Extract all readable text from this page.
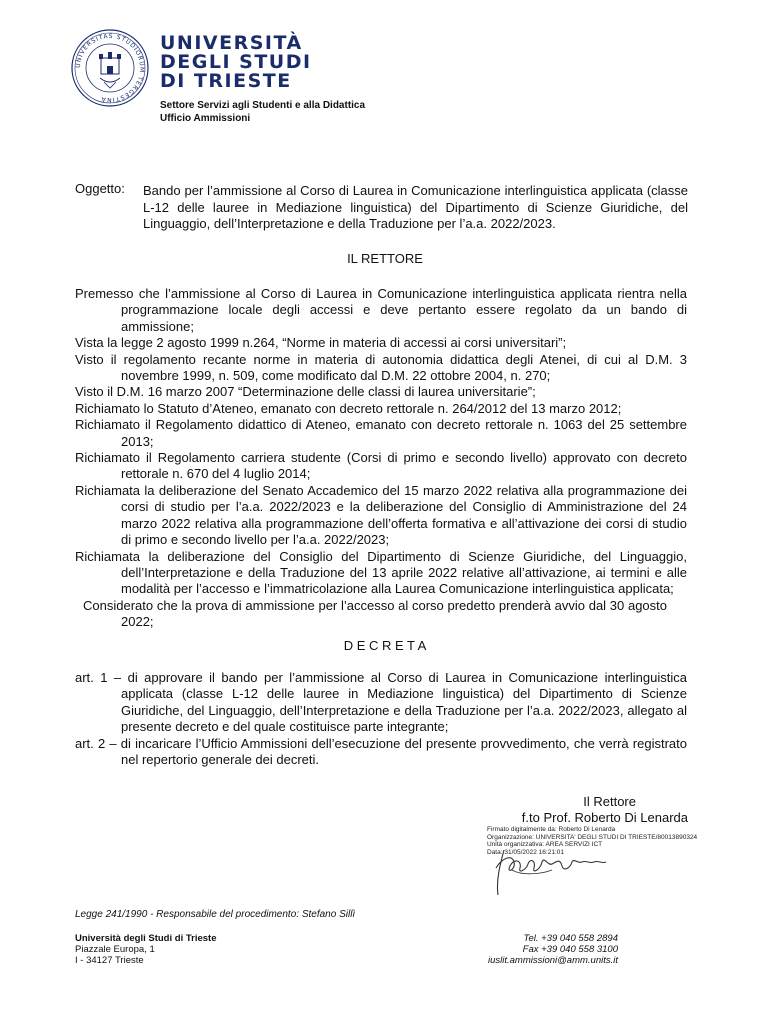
UNIVERSITAS STUDIORUM TERGESTINA
UNIVERSITÀ
DEGLI STUDI
DI TRIESTE
Settore Servizi agli Studenti e alla Didattica
Ufficio Ammissioni
Oggetto: Bando per l’ammissione al Corso di Laurea in Comunicazione interlinguistica applicata (classe L-12 delle lauree in Mediazione linguistica) del Dipartimento di Scienze Giuridiche, del Linguaggio, dell’Interpretazione e della Traduzione per l’a.a. 2022/2023.
IL RETTORE

Premesso che l’ammissione al Corso di Laurea in Comunicazione interlinguistica applicata rientra nella programmazione locale degli accessi e deve pertanto essere regolato da un bando di ammissione;

Vista la legge 2 agosto 1999 n.264, “Norme in materia di accessi ai corsi universitari”;

Visto il regolamento recante norme in materia di autonomia didattica degli Atenei, di cui al D.M. 3 novembre 1999, n. 509, come modificato dal D.M. 22 ottobre 2004, n. 270;

Visto il D.M. 16 marzo 2007 “Determinazione delle classi di laurea universitarie”;

Richiamato lo Statuto d’Ateneo, emanato con decreto rettorale n. 264/2012 del 13 marzo 2012;

Richiamato il Regolamento didattico di Ateneo, emanato con decreto rettorale n. 1063 del 25 settembre 2013;

Richiamato il Regolamento carriera studente (Corsi di primo e secondo livello) approvato con decreto rettorale n. 670 del 4 luglio 2014;

Richiamata la deliberazione del Senato Accademico del 15 marzo 2022 relativa alla programmazione dei corsi di studio per l’a.a. 2022/2023 e la deliberazione del Consiglio di Amministrazione del 24 marzo 2022 relativa alla programmazione dell’offerta formativa e all’attivazione dei corsi di studio di primo e secondo livello per l’a.a. 2022/2023;

Richiamata la deliberazione del Consiglio del Dipartimento di Scienze Giuridiche, del Linguaggio, dell’Interpretazione e della Traduzione del 13 aprile 2022 relative all’attivazione, ai termini e alle modalità per l’accesso e l’immatricolazione alla Laurea Comunicazione interlinguistica applicata;

Considerato che la prova di ammissione per l’accesso al corso predetto prenderà avvio dal 30 agosto 2022;

D E C R E T A

art. 1 – di approvare il bando per l’ammissione al Corso di Laurea in Comunicazione interlinguistica applicata (classe L-12 delle lauree in Mediazione linguistica) del Dipartimento di Scienze Giuridiche, del Linguaggio, dell’Interpretazione e della Traduzione per l’a.a. 2022/2023, allegato al presente decreto e del quale costituisce parte integrante;

art. 2 – di incaricare l’Ufficio Ammissioni dell’esecuzione del presente provvedimento, che verrà registrato nel repertorio generale dei decreti.

Il Rettore
f.to Prof. Roberto Di Lenarda
Firmato digitalmente da: Roberto Di Lenarda
Organizzazione: UNIVERSITA' DEGLI STUDI DI TRIESTE/80013890324
Unità organizzativa: AREA SERVIZI ICT
Data: 31/05/2022 16:21:01
Legge 241/1990 - Responsabile del procedimento: Stefano Sillì
Università degli Studi di Trieste
Piazzale Europa, 1
I - 34127 Trieste
Tel. +39 040 558 2894
Fax +39 040 558 3100
iuslit.ammissioni@amm.units.it
